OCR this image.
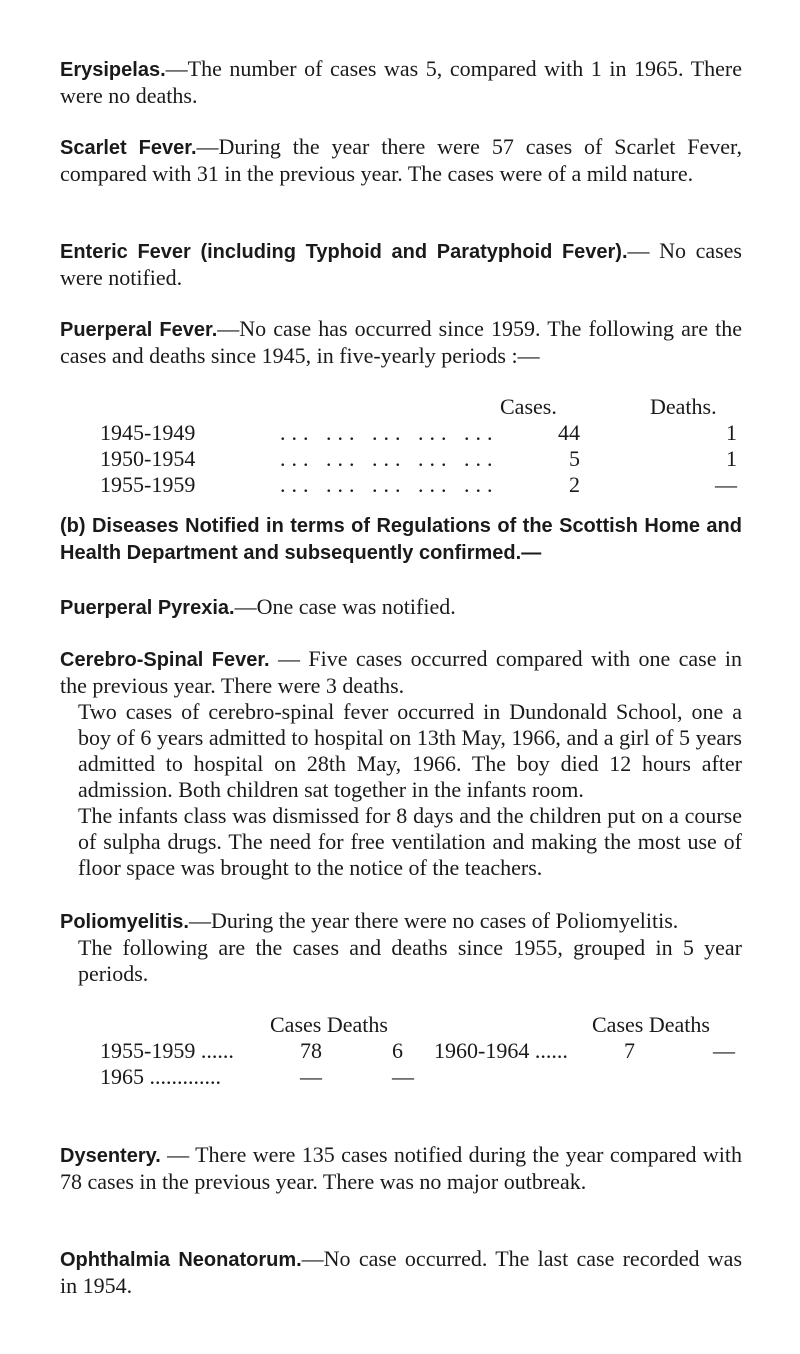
Erysipelas.—The number of cases was 5, compared with 1 in 1965. There were no deaths.

Scarlet Fever.—During the year there were 57 cases of Scarlet Fever, compared with 31 in the previous year. The cases were of a mild nature.

Enteric Fever (including Typhoid and Paratyphoid Fever).— No cases were notified.

Puerperal Fever.—No case has occurred since 1959. The following are the cases and deaths since 1945, in five-yearly periods :—

Cases.	Deaths.
1945-1949	... ... ... ... ...	44	1
1950-1954	... ... ... ... ...	5	1
1955-1959	... ... ... ... ...	2	—

(b) Diseases Notified in terms of Regulations of the Scottish Home and Health Department and subsequently confirmed.—

Puerperal Pyrexia.—One case was notified.

Cerebro-Spinal Fever. — Five cases occurred compared with one case in the previous year. There were 3 deaths.

Two cases of cerebro-spinal fever occurred in Dundonald School, one a boy of 6 years admitted to hospital on 13th May, 1966, and a girl of 5 years admitted to hospital on 28th May, 1966. The boy died 12 hours after admission. Both children sat together in the infants room.

The infants class was dismissed for 8 days and the children put on a course of sulpha drugs. The need for free ventilation and making the most use of floor space was brought to the notice of the teachers.

Poliomyelitis.—During the year there were no cases of Poliomyelitis.

The following are the cases and deaths since 1955, grouped in 5 year periods.

Cases Deaths	Cases Deaths
1955-1959 ......	78	6 1960-1964 ......	7	—
1965 .............	—	—

Dysentery. — There were 135 cases notified during the year compared with 78 cases in the previous year. There was no major outbreak.

Ophthalmia Neonatorum.—No case occurred. The last case recorded was in 1954.
